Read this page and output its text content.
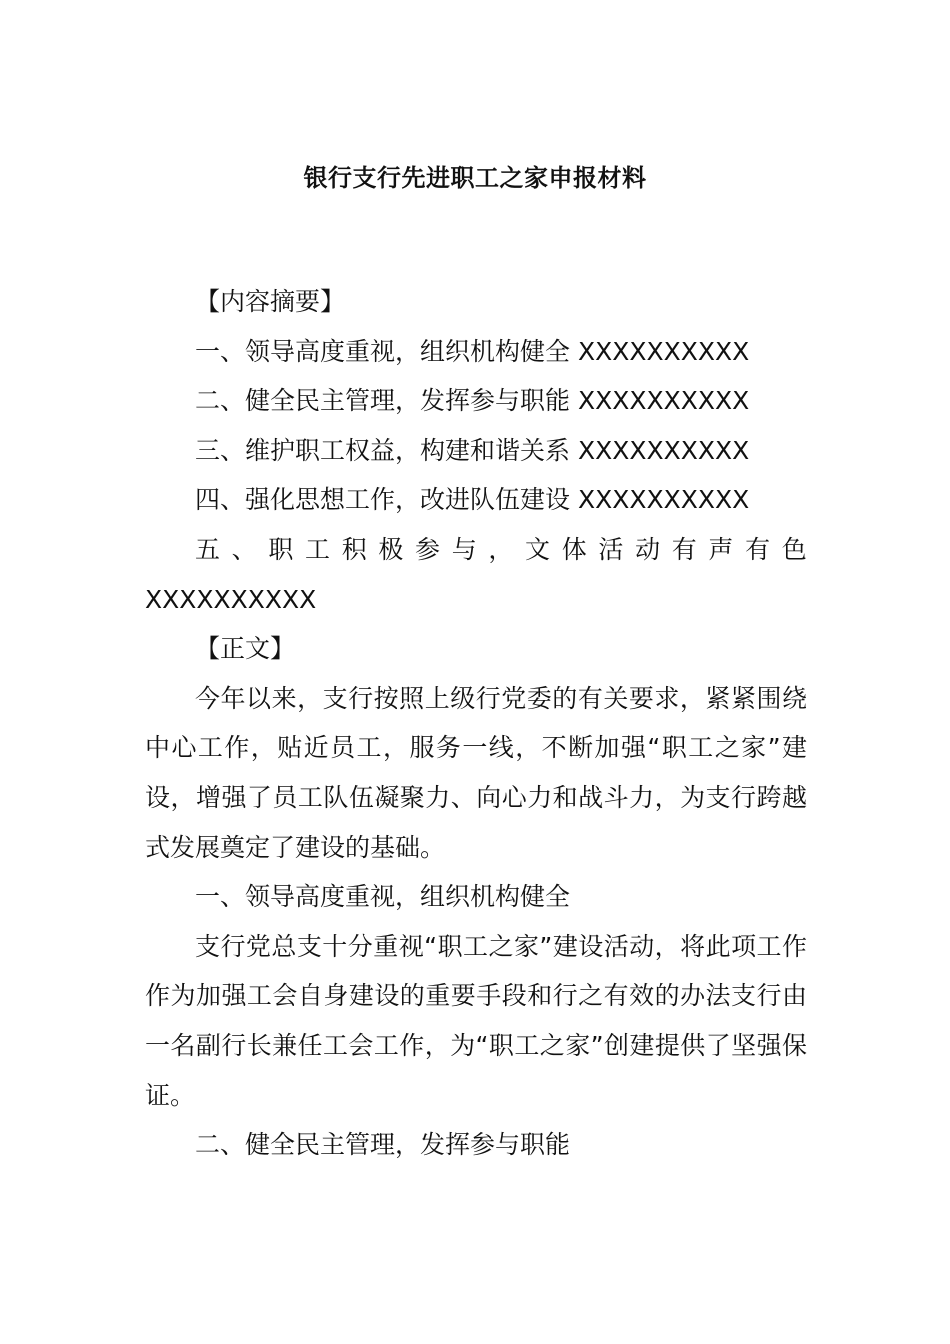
银行支行先进职工之家申报材料
【内容摘要】
一、领导高度重视，组织机构健全 XXXXXXXXXX
二、健全民主管理，发挥参与职能 XXXXXXXXXX
三、维护职工权益，构建和谐关系 XXXXXXXXXX
四、强化思想工作，改进队伍建设 XXXXXXXXXX
五 、 职 工 积 极 参 与 ， 文 体 活 动 有 声 有 色
XXXXXXXXXX
【正文】
今年以来，支行按照上级行党委的有关要求，紧紧围绕中心工作，贴近员工，服务一线，不断加强“职工之家”建设，增强了员工队伍凝聚力、向心力和战斗力，为支行跨越式发展奠定了建设的基础。
一、领导高度重视，组织机构健全
支行党总支十分重视“职工之家”建设活动，将此项工作作为加强工会自身建设的重要手段和行之有效的办法支行由一名副行长兼任工会工作，为“职工之家”创建提供了坚强保证。
二、健全民主管理，发挥参与职能
